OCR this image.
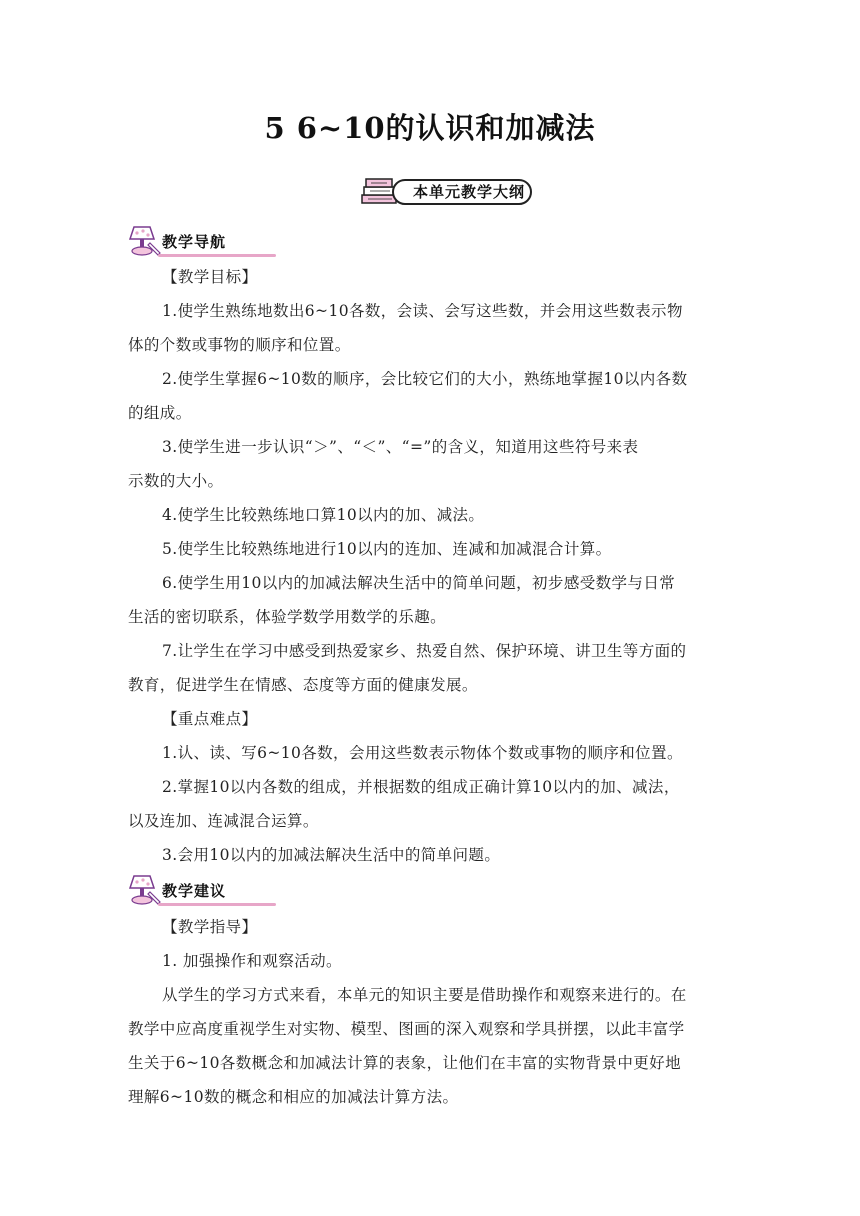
5 6~10的认识和加减法
本单元教学大纲
教学导航
【教学目标】
1.使学生熟练地数出6~10各数，会读、会写这些数，并会用这些数表示物
体的个数或事物的顺序和位置。
2.使学生掌握6~10数的顺序，会比较它们的大小，熟练地掌握10以内各数
的组成。
3.使学生进一步认识“＞”、“＜”、“=”的含义，知道用这些符号来表
示数的大小。
4.使学生比较熟练地口算10以内的加、减法。
5.使学生比较熟练地进行10以内的连加、连减和加减混合计算。
6.使学生用10以内的加减法解决生活中的简单问题，初步感受数学与日常
生活的密切联系，体验学数学用数学的乐趣。
7.让学生在学习中感受到热爱家乡、热爱自然、保护环境、讲卫生等方面的
教育，促进学生在情感、态度等方面的健康发展。
【重点难点】
1.认、读、写6~10各数，会用这些数表示物体个数或事物的顺序和位置。
2.掌握10以内各数的组成，并根据数的组成正确计算10以内的加、减法，
以及连加、连减混合运算。
3.会用10以内的加减法解决生活中的简单问题。
教学建议
【教学指导】
1. 加强操作和观察活动。
从学生的学习方式来看，本单元的知识主要是借助操作和观察来进行的。在
教学中应高度重视学生对实物、模型、图画的深入观察和学具拼摆，以此丰富学
生关于6~10各数概念和加减法计算的表象，让他们在丰富的实物背景中更好地
理解6~10数的概念和相应的加减法计算方法。
